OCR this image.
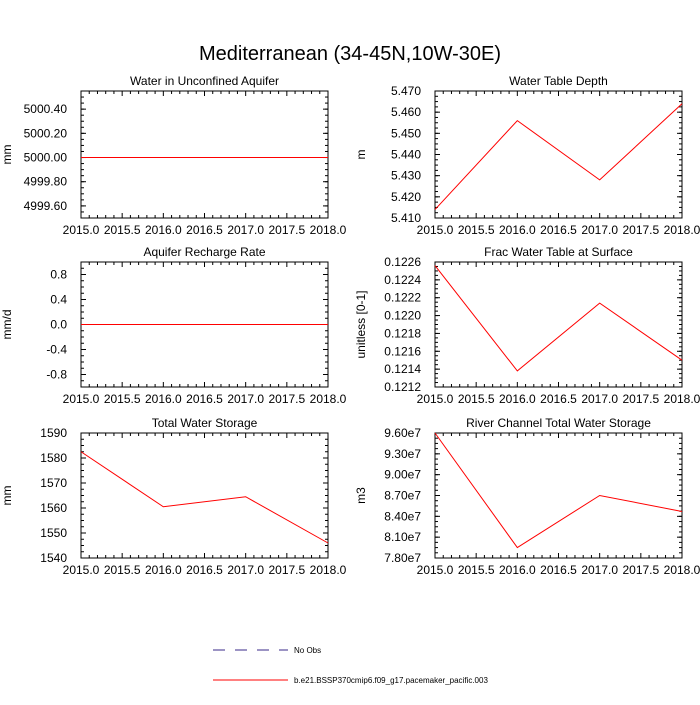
Mediterranean (34-45N,10W-30E)
Water in Unconfined Aquifer
mm
2015.0 2015.5 2016.0 2016.5 2017.0 2017.5 2018.0
4999.60
4999.80
5000.00
5000.20
5000.40
Water Table Depth
m
2015.0 2015.5 2016.0 2016.5 2017.0 2017.5 2018.0
5.410
5.420
5.430
5.440
5.450
5.460
5.470
Aquifer Recharge Rate
mm/d
2015.0 2015.5 2016.0 2016.5 2017.0 2017.5 2018.0
-0.8
-0.4
0.0
0.4
0.8
Frac Water Table at Surface
unitless [0-1]
2015.0 2015.5 2016.0 2016.5 2017.0 2017.5 2018.0
0.1212
0.1214
0.1216
0.1218
0.1220
0.1222
0.1224
0.1226
Total Water Storage
mm
2015.0 2015.5 2016.0 2016.5 2017.0 2017.5 2018.0
1540
1550
1560
1570
1580
1590
River Channel Total Water Storage
m3
2015.0 2015.5 2016.0 2016.5 2017.0 2017.5 2018.0
7.80e7
8.10e7
8.40e7
8.70e7
9.00e7
9.30e7
9.60e7
No Obs
b.e21.BSSP370cmip6.f09_g17.pacemaker_pacific.003
